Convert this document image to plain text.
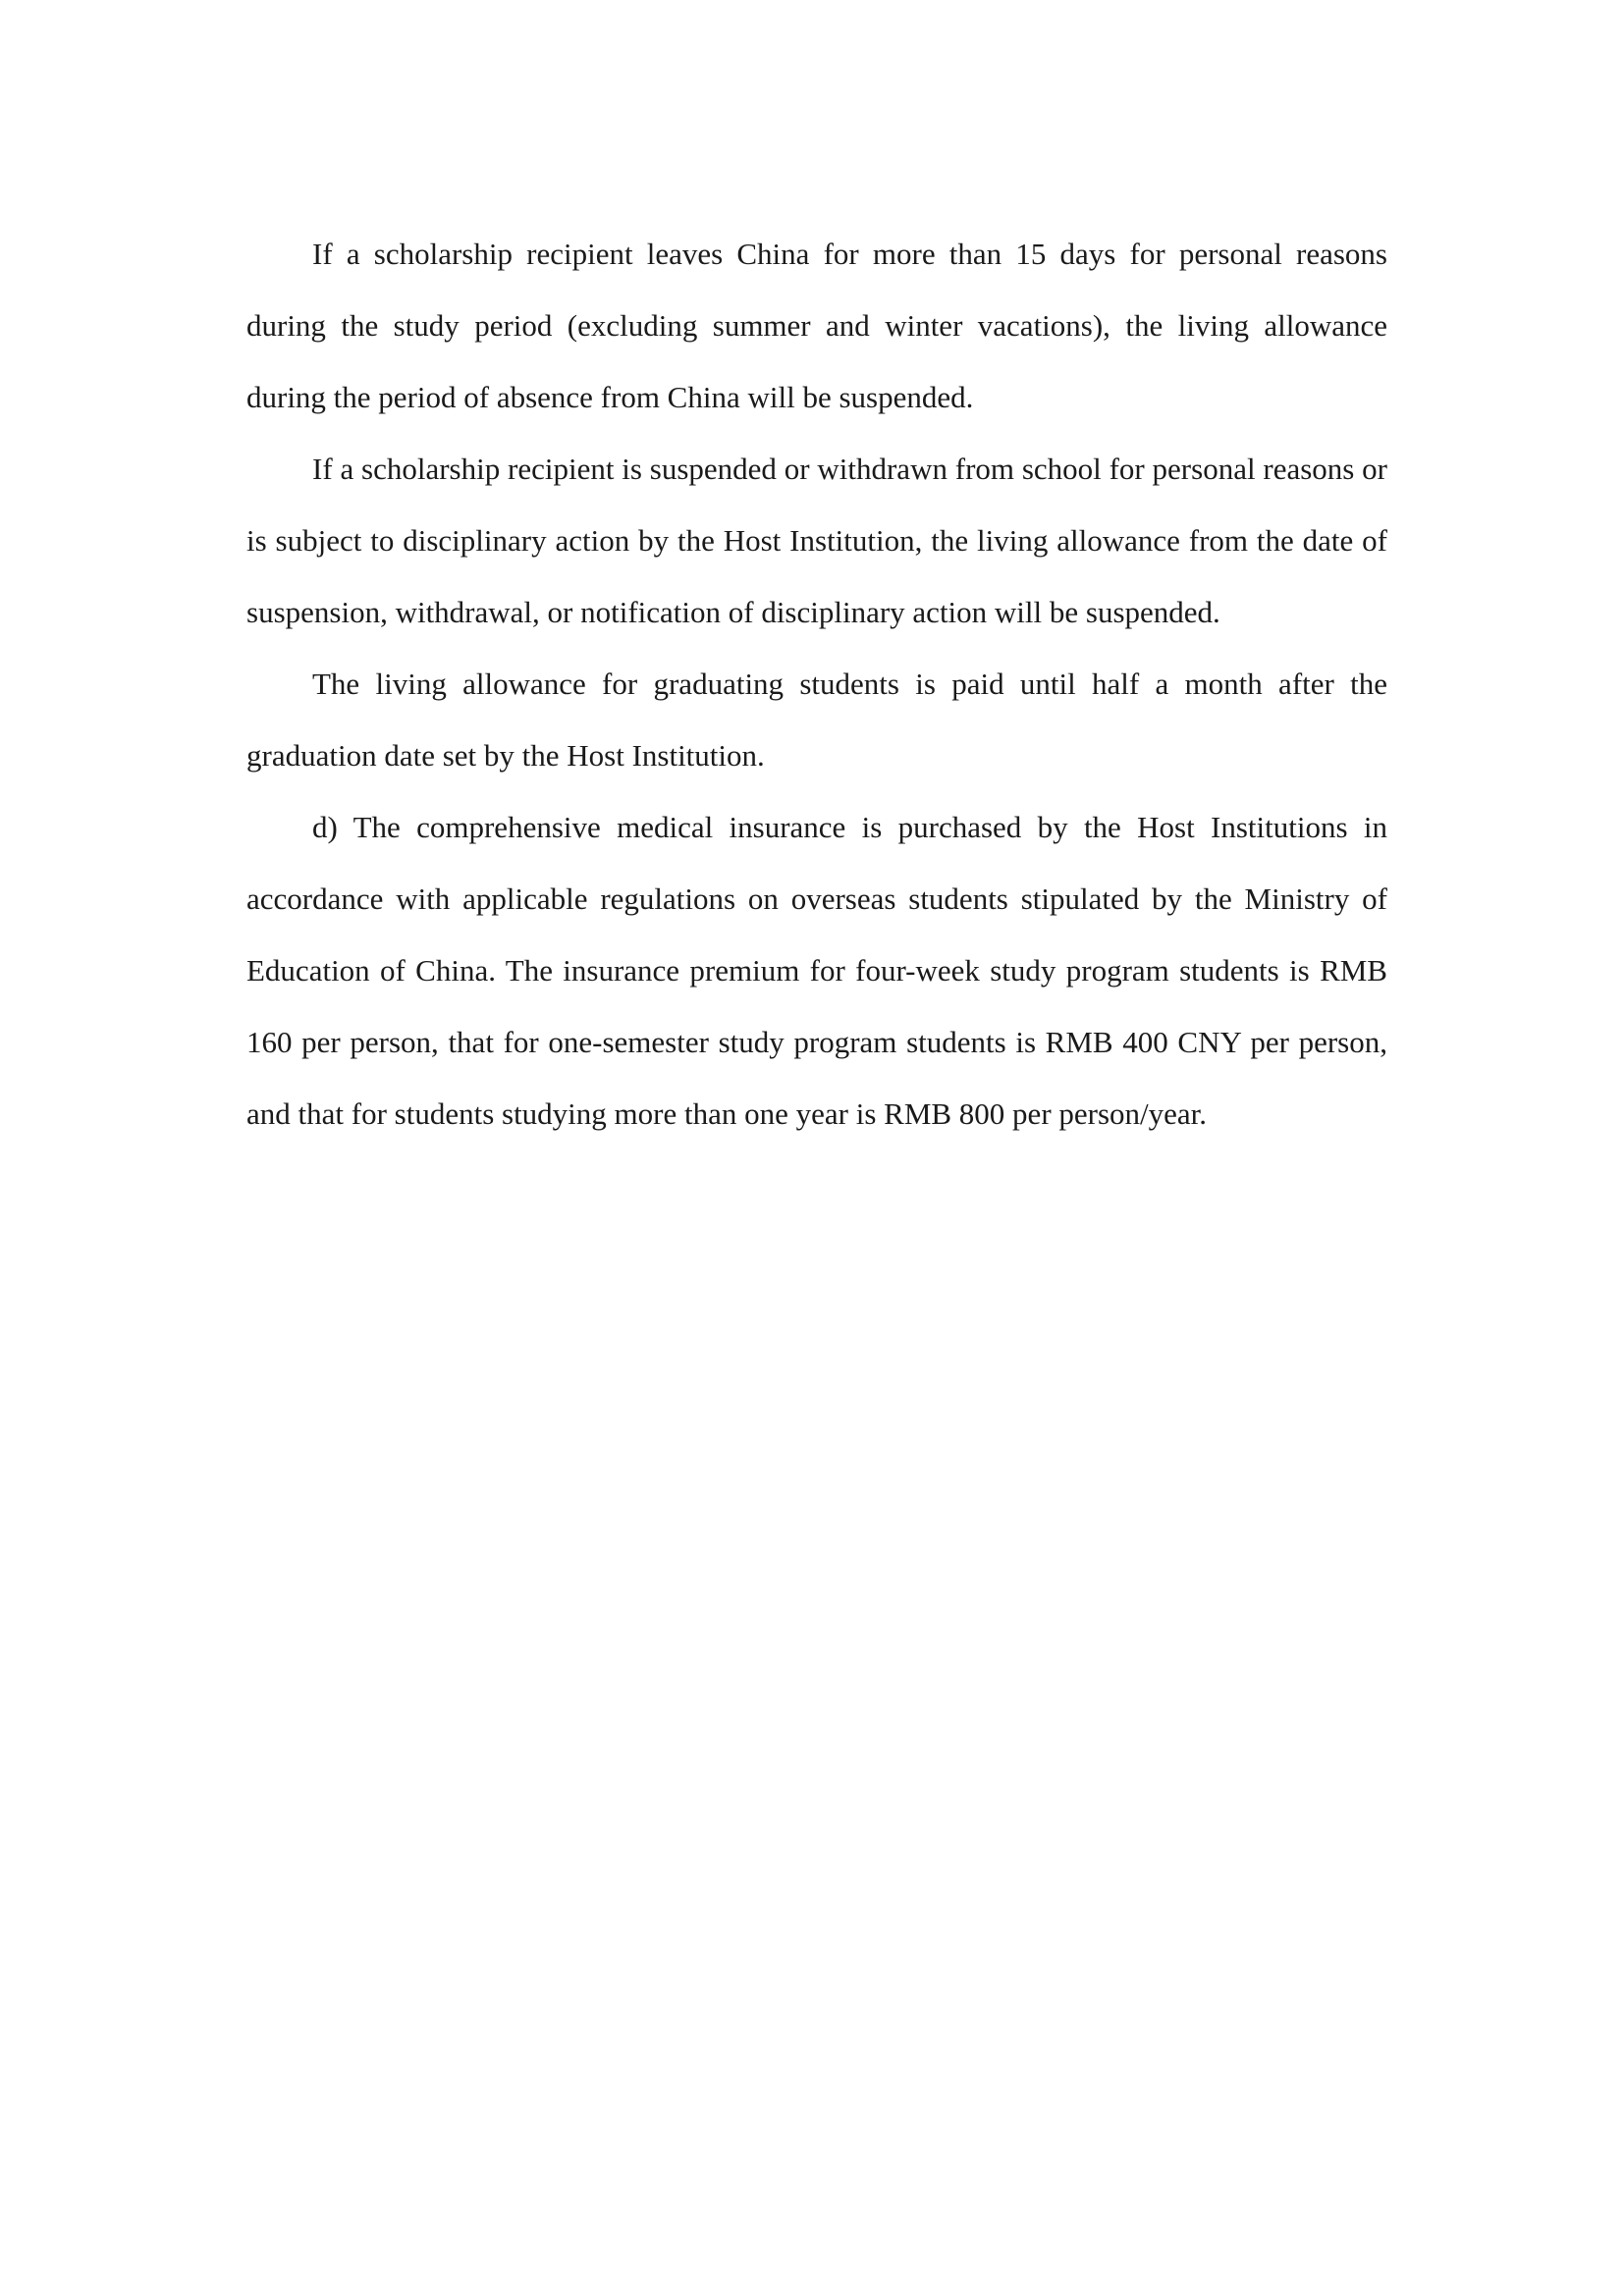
If a scholarship recipient leaves China for more than 15 days for personal reasons during the study period (excluding summer and winter vacations), the living allowance during the period of absence from China will be suspended.

If a scholarship recipient is suspended or withdrawn from school for personal reasons or is subject to disciplinary action by the Host Institution, the living allowance from the date of suspension, withdrawal, or notification of disciplinary action will be suspended.

The living allowance for graduating students is paid until half a month after the graduation date set by the Host Institution.

d) The comprehensive medical insurance is purchased by the Host Institutions in accordance with applicable regulations on overseas students stipulated by the Ministry of Education of China. The insurance premium for four-week study program students is RMB 160 per person, that for one-semester study program students is RMB 400 CNY per person, and that for students studying more than one year is RMB 800 per person/year.
